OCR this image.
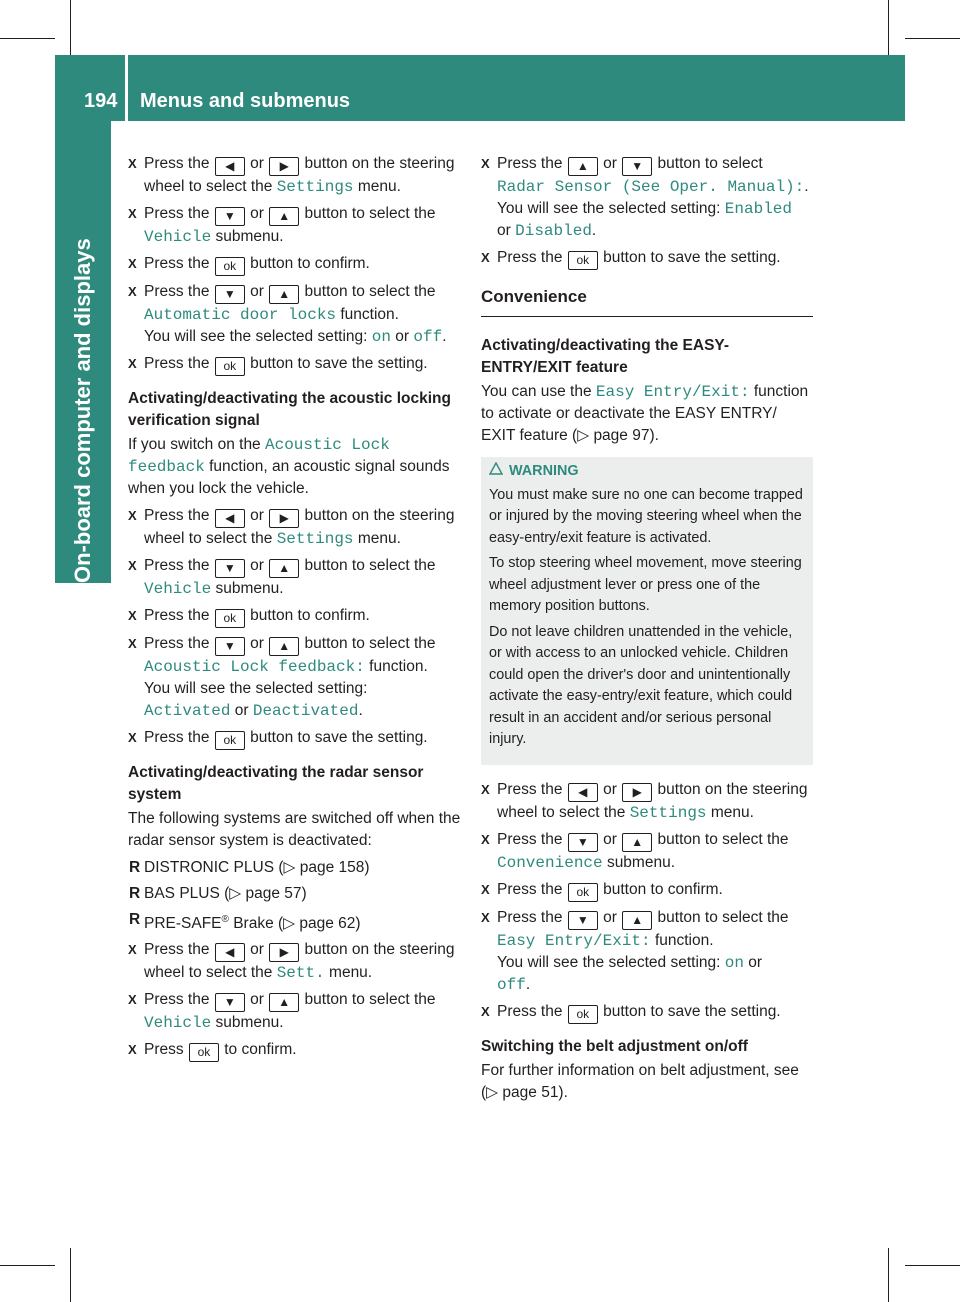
194 Menus and submenus
On-board computer and displays
X Press the ◀ or ▶ button on the steering wheel to select the Settings menu.
X Press the ▼ or ▲ button to select the Vehicle submenu.
X Press the ok button to confirm.
X Press the ▼ or ▲ button to select the Automatic door locks function.
You will see the selected setting: on or off.
X Press the ok button to save the setting.
Activating/deactivating the acoustic locking verification signal
If you switch on the Acoustic Lock feedback function, an acoustic signal sounds when you lock the vehicle.
X Press the ◀ or ▶ button on the steering wheel to select the Settings menu.
X Press the ▼ or ▲ button to select the Vehicle submenu.
X Press the ok button to confirm.
X Press the ▼ or ▲ button to select the Acoustic Lock feedback: function.
You will see the selected setting:
Activated or Deactivated.
X Press the ok button to save the setting.
Activating/deactivating the radar sensor system
The following systems are switched off when the radar sensor system is deactivated:
R DISTRONIC PLUS (▷ page 158)
R BAS PLUS (▷ page 57)
R PRE-SAFE® Brake (▷ page 62)
X Press the ◀ or ▶ button on the steering wheel to select the Sett. menu.
X Press the ▼ or ▲ button to select the Vehicle submenu.
X Press ok to confirm.
X Press the ▲ or ▼ button to select
Radar Sensor (See Oper. Manual):.
You will see the selected setting: Enabled
or Disabled.
X Press the ok button to save the setting.
Convenience
Activating/deactivating the EASY-ENTRY/EXIT feature
You can use the Easy Entry/Exit: function to activate or deactivate the EASY ENTRY/ EXIT feature (▷ page 97).
WARNING

You must make sure no one can become trapped or injured by the moving steering wheel when the easy-entry/exit feature is activated.

To stop steering wheel movement, move steering wheel adjustment lever or press one of the memory position buttons.

Do not leave children unattended in the vehicle, or with access to an unlocked vehicle. Children could open the driver's door and unintentionally activate the easy-entry/exit feature, which could result in an accident and/or serious personal injury.

X Press the ◀ or ▶ button on the steering wheel to select the Settings menu.
X Press the ▼ or ▲ button to select the Convenience submenu.
X Press the ok button to confirm.
X Press the ▼ or ▲ button to select the Easy Entry/Exit: function.
You will see the selected setting: on or
off.
X Press the ok button to save the setting.
Switching the belt adjustment on/off
For further information on belt adjustment, see (▷ page 51).
